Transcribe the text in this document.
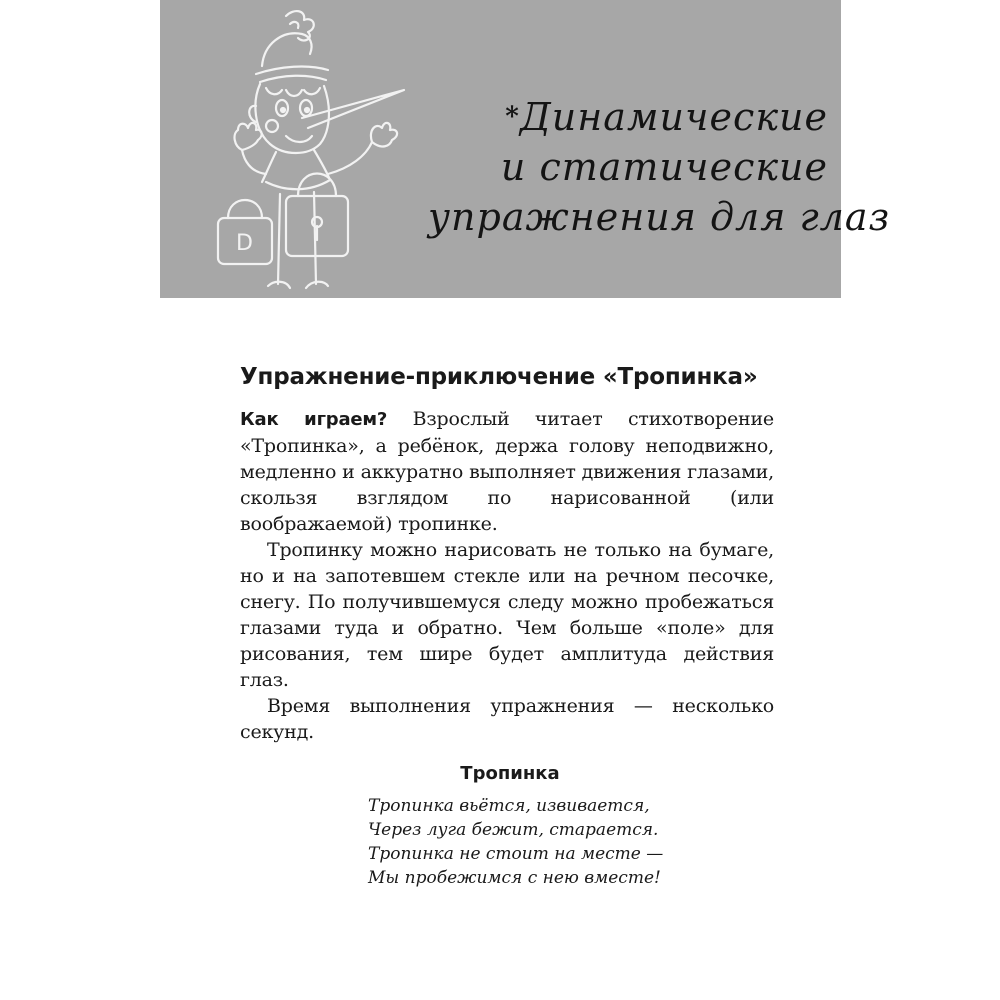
D
*Динамические
и статические
упражнения для глаз
Упражнение-приключение «Тропинка»

Как играем? Взрослый читает стихотворение «Тропинка», а ребёнок, держа голову неподвижно, медленно и аккуратно выполняет движения глазами, скользя взглядом по нарисованной (или воображаемой) тропинке.

Тропинку можно нарисовать не только на бумаге, но и на запотевшем стекле или на речном песочке, снегу. По получившемуся следу можно пробежаться глазами туда и обратно. Чем больше «поле» для рисования, тем шире будет амплитуда действия глаз.

Время выполнения упражнения — несколько секунд.

Тропинка
Тропинка вьётся, извивается,
Через луга бежит, старается.
Тропинка не стоит на месте —
Мы пробежимся с нею вместе!
